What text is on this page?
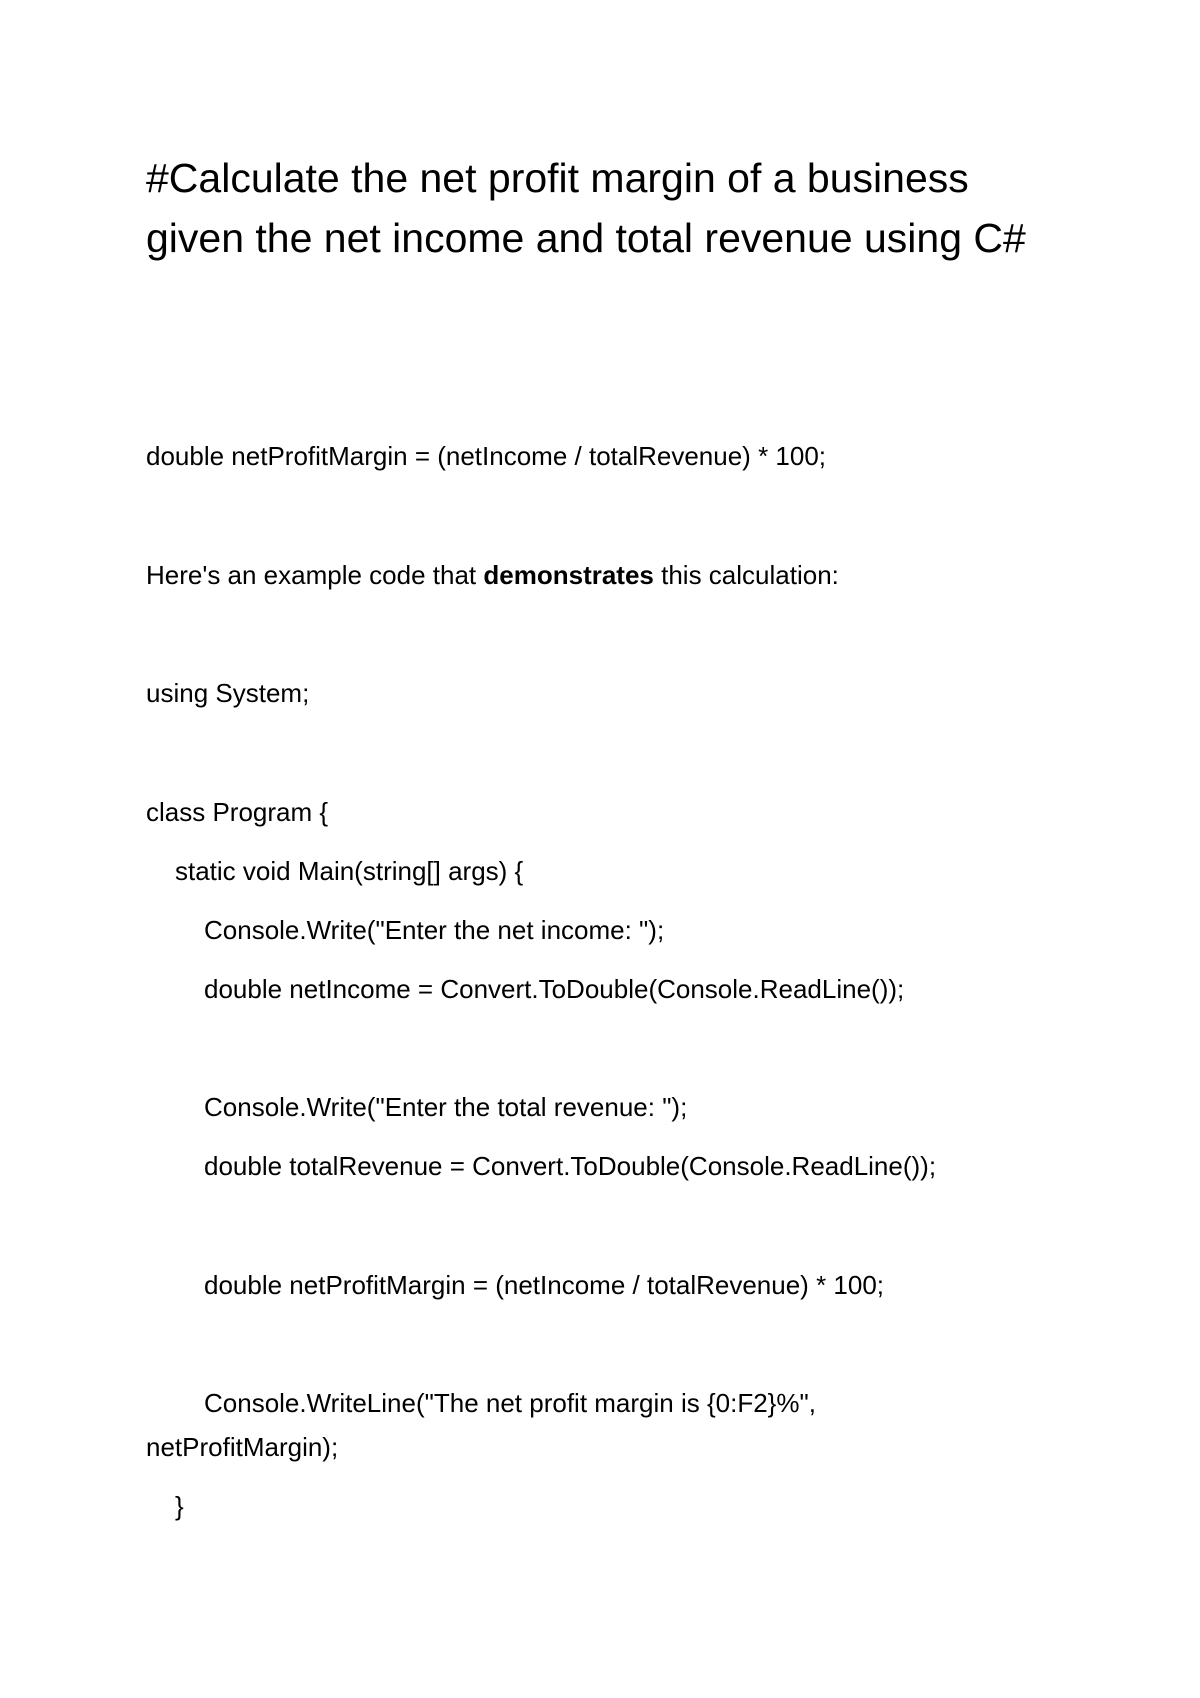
#Calculate the net profit margin of a business given the net income and total revenue using C#

double netProfitMargin = (netIncome / totalRevenue) * 100;

Here's an example code that demonstrates this calculation:

using System;

class Program {

static void Main(string[] args) {

Console.Write("Enter the net income: ");

double netIncome = Convert.ToDouble(Console.ReadLine());

Console.Write("Enter the total revenue: ");

double totalRevenue = Convert.ToDouble(Console.ReadLine());

double netProfitMargin = (netIncome / totalRevenue) * 100;

Console.WriteLine("The net profit margin is {0:F2}%",

netProfitMargin);

}
